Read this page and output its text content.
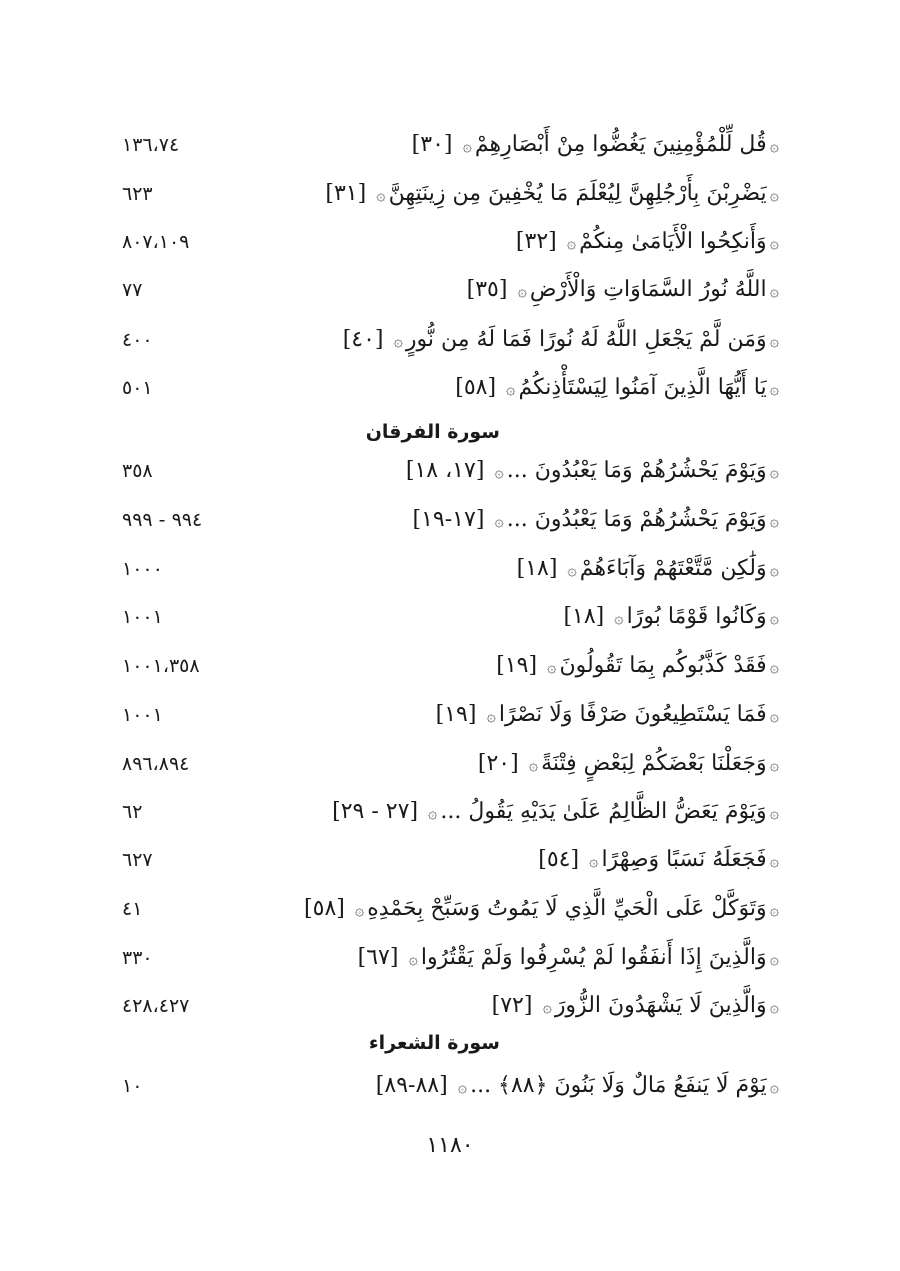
۞قُل لِّلْمُؤْمِنِينَ يَغُضُّوا مِنْ أَبْصَارِهِمْ۞ [٣٠]
١٣٦،٧٤
۞يَضْرِبْنَ بِأَرْجُلِهِنَّ لِيُعْلَمَ مَا يُخْفِينَ مِن زِينَتِهِنَّ۞ [٣١]
٦٢٣
۞وَأَنكِحُوا الْأَيَامَىٰ مِنكُمْ۞ [٣٢]
٨٠٧،١٠٩
۞اللَّهُ نُورُ السَّمَاوَاتِ وَالْأَرْضِ۞ [٣٥]
٧٧
۞وَمَن لَّمْ يَجْعَلِ اللَّهُ لَهُ نُورًا فَمَا لَهُ مِن نُّورٍ۞ [٤٠]
٤٠٠
۞يَا أَيُّهَا الَّذِينَ آمَنُوا لِيَسْتَأْذِنكُمُ۞ [٥٨]
٥٠١
۞وَيَوْمَ يَحْشُرُهُمْ وَمَا يَعْبُدُونَ ...۞ [١٧، ١٨]
٣٥٨
۞وَيَوْمَ يَحْشُرُهُمْ وَمَا يَعْبُدُونَ ...۞ [١٧-١٩]
٩٩٤ - ٩٩٩
۞وَلَٰكِن مَّتَّعْتَهُمْ وَآبَاءَهُمْ۞ [١٨]
١٠٠٠
۞وَكَانُوا قَوْمًا بُورًا۞ [١٨]
١٠٠١
۞فَقَدْ كَذَّبُوكُم بِمَا تَقُولُونَ۞ [١٩]
١٠٠١،٣٥٨
۞فَمَا يَسْتَطِيعُونَ صَرْفًا وَلَا نَصْرًا۞ [١٩]
١٠٠١
۞وَجَعَلْنَا بَعْضَكُمْ لِبَعْضٍ فِتْنَةً۞ [٢٠]
٨٩٦،٨٩٤
۞وَيَوْمَ يَعَضُّ الظَّالِمُ عَلَىٰ يَدَيْهِ يَقُولُ ...۞ [٢٧ - ٢٩]
٦٢
۞فَجَعَلَهُ نَسَبًا وَصِهْرًا۞ [٥٤]
٦٢٧
۞وَتَوَكَّلْ عَلَى الْحَيِّ الَّذِي لَا يَمُوتُ وَسَبِّحْ بِحَمْدِهِ۞ [٥٨]
٤١
۞وَالَّذِينَ إِذَا أَنفَقُوا لَمْ يُسْرِفُوا وَلَمْ يَقْتُرُوا۞ [٦٧]
٣٣٠
۞وَالَّذِينَ لَا يَشْهَدُونَ الزُّورَ۞ [٧٢]
٤٢٨،٤٢٧
۞يَوْمَ لَا يَنفَعُ مَالٌ وَلَا بَنُونَ ﴿٨٨﴾ ...۞ [٨٨-٨٩]
١٠
سورة الفرقان
سورة الشعراء
١١٨٠
